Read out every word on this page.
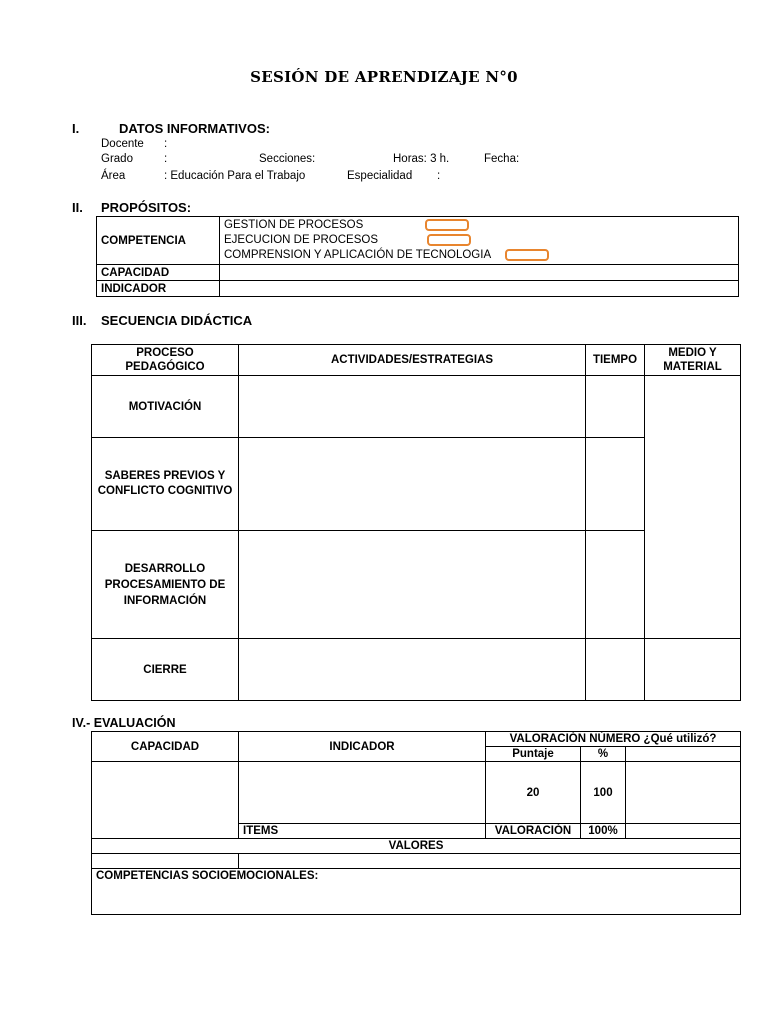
SESIÓN DE APRENDIZAJE N°0
I.	DATOS INFORMATIVOS:
Docente :
Grado	:	Secciones:	Horas: 3 h.	Fecha:
Área	: Educación Para el Trabajo	Especialidad :
II. PROPÓSITOS:
COMPETENCIA	GESTION DE PROCESOS
EJECUCION DE PROCESOS
COMPRENSION Y APLICACIÓN DE TECNOLOGIA

CAPACIDAD	
INDICADOR	
III. SECUENCIA DIDÁCTICA
PROCESO PEDAGÓGICO	ACTIVIDADES/ESTRATEGIAS	TIEMPO	MEDIO Y MATERIAL
MOTIVACIÓN			
SABERES PREVIOS Y CONFLICTO COGNITIVO			
DESARROLLO PROCESAMIENTO DE INFORMACIÓN			
CIERRE			
IV.- EVALUACIÓN
CAPACIDAD	INDICADOR	VALORACIÓN NÚMERO ¿Qué utilizó?		
		Puntaje	%	
		20	100	
	ITEMS	VALORACIÓN	100%	
VALORES				

COMPETENCIAS SOCIOEMOCIONALES:				
